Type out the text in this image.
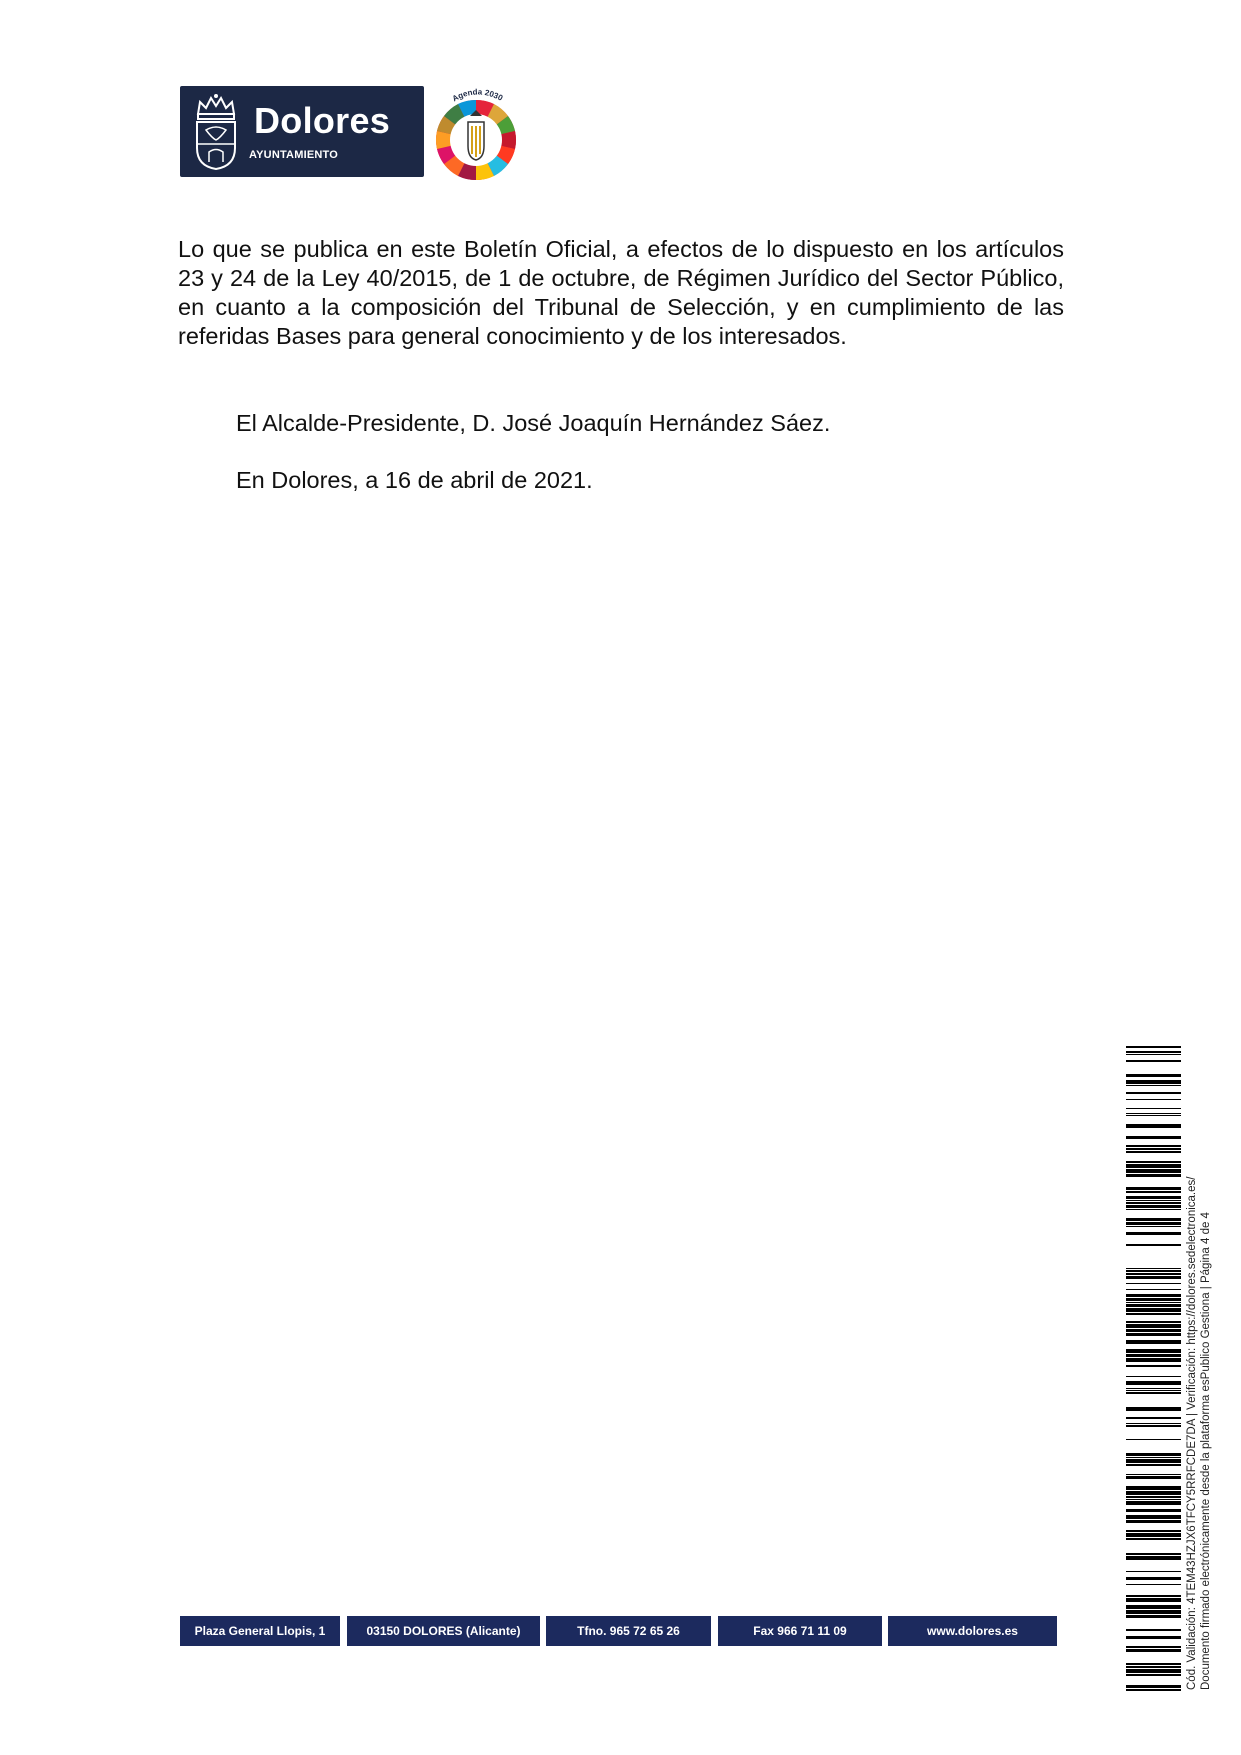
Dolores
AYUNTAMIENTO
Agenda 2030

Lo que se publica en este Boletín Oficial, a efectos de lo dispuesto en los artículos 23 y 24 de la Ley 40/2015, de 1 de octubre, de Régimen Jurídico del Sector Público, en cuanto a la composición del Tribunal de Selección, y en cumplimiento de las referidas Bases para general conocimiento y de los interesados.

El Alcalde-Presidente, D. José Joaquín Hernández Sáez.

En Dolores, a 16 de abril de 2021.

Plaza General Llopis, 1	03150 DOLORES (Alicante)	Tfno. 965 72 65 26	Fax 966 71 11 09	www.dolores.es	Cód. Validación: 4TEM43HZJX6TFCY5RRFCDE7DA | Verificación: https://dolores.sedelectronica.es/ Documento firmado electrónicamente desde la plataforma esPublico Gestiona | Página 4 de 4
